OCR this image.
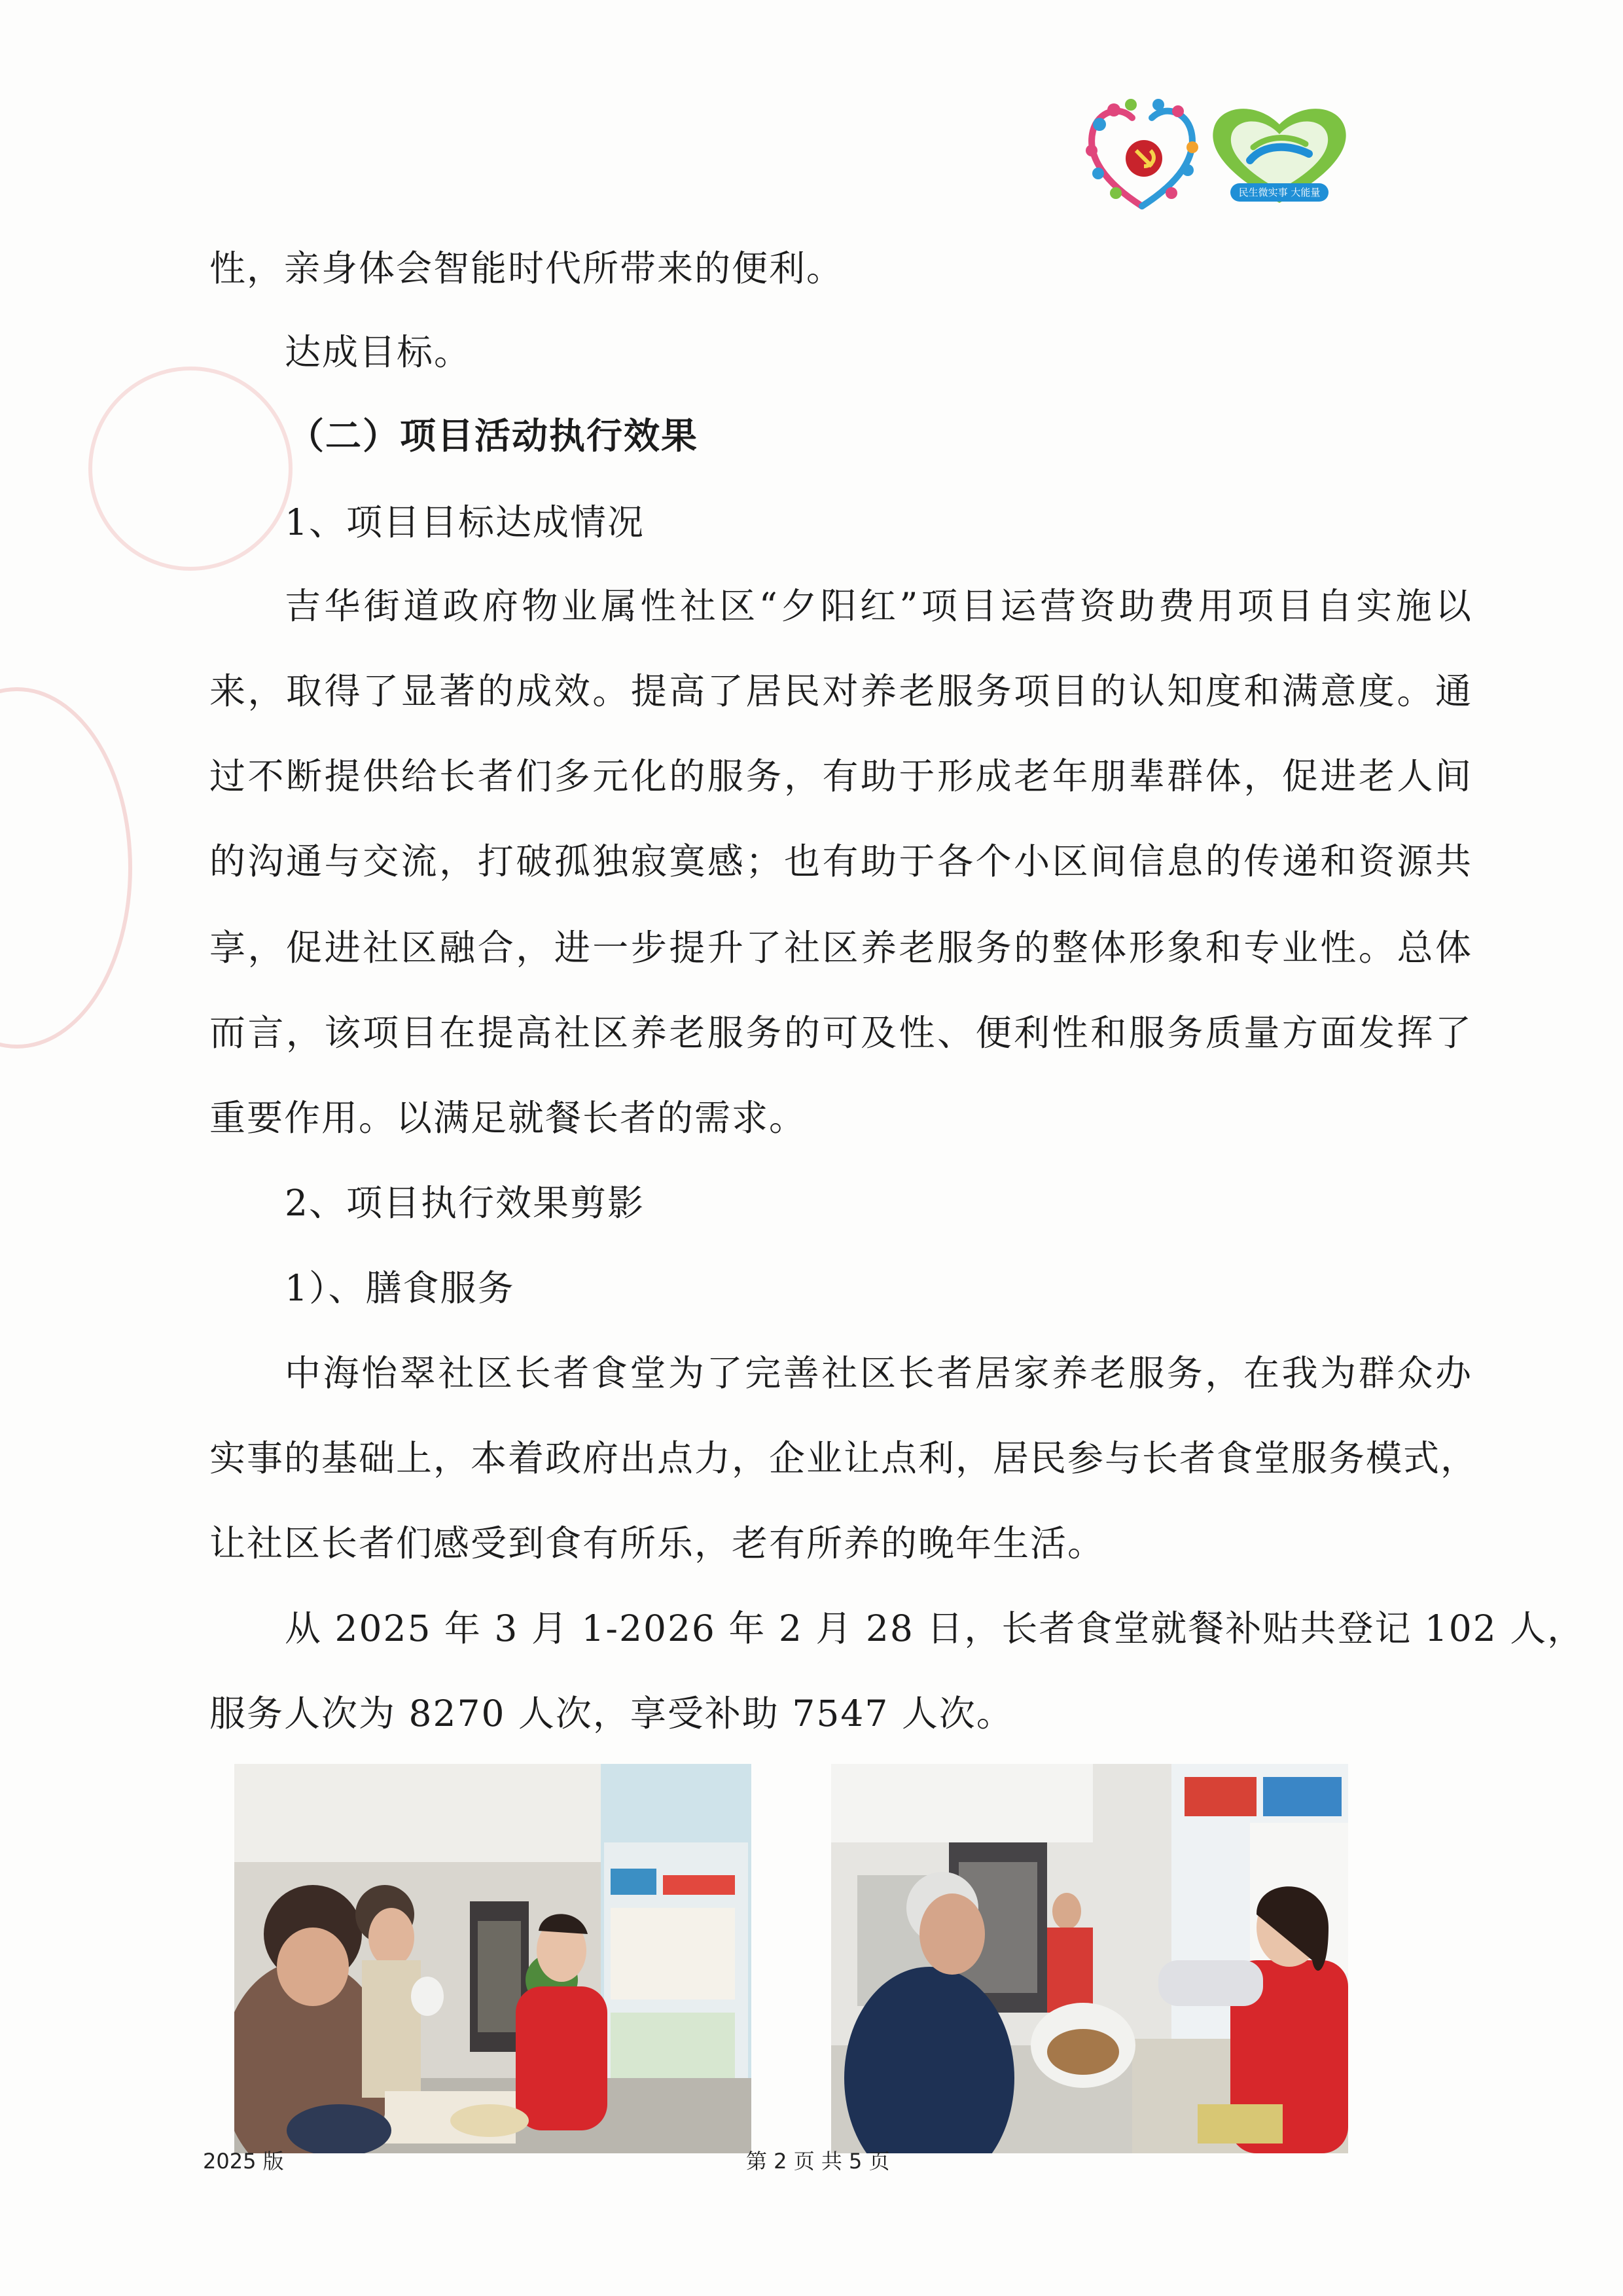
民生微实事 大能量
性，亲身体会智能时代所带来的便利。
达成目标。
（二）项目活动执行效果
1、项目目标达成情况
吉华街道政府物业属性社区“夕阳红”项目运营资助费用项目自实施以
来，取得了显著的成效。提高了居民对养老服务项目的认知度和满意度。通
过不断提供给长者们多元化的服务，有助于形成老年朋辈群体，促进老人间
的沟通与交流，打破孤独寂寞感；也有助于各个小区间信息的传递和资源共
享，促进社区融合，进一步提升了社区养老服务的整体形象和专业性。总体
而言，该项目在提高社区养老服务的可及性、便利性和服务质量方面发挥了
重要作用。以满足就餐长者的需求。
2、项目执行效果剪影
1）、膳食服务
中海怡翠社区长者食堂为了完善社区长者居家养老服务，在我为群众办
实事的基础上，本着政府出点力，企业让点利，居民参与长者食堂服务模式，
让社区长者们感受到食有所乐，老有所养的晚年生活。
从 2025 年 3 月 1-2026 年 2 月 28 日，长者食堂就餐补贴共登记 102 人，
服务人次为 8270 人次，享受补助 7547 人次。
2025 版	第 2 页 共 5 页
